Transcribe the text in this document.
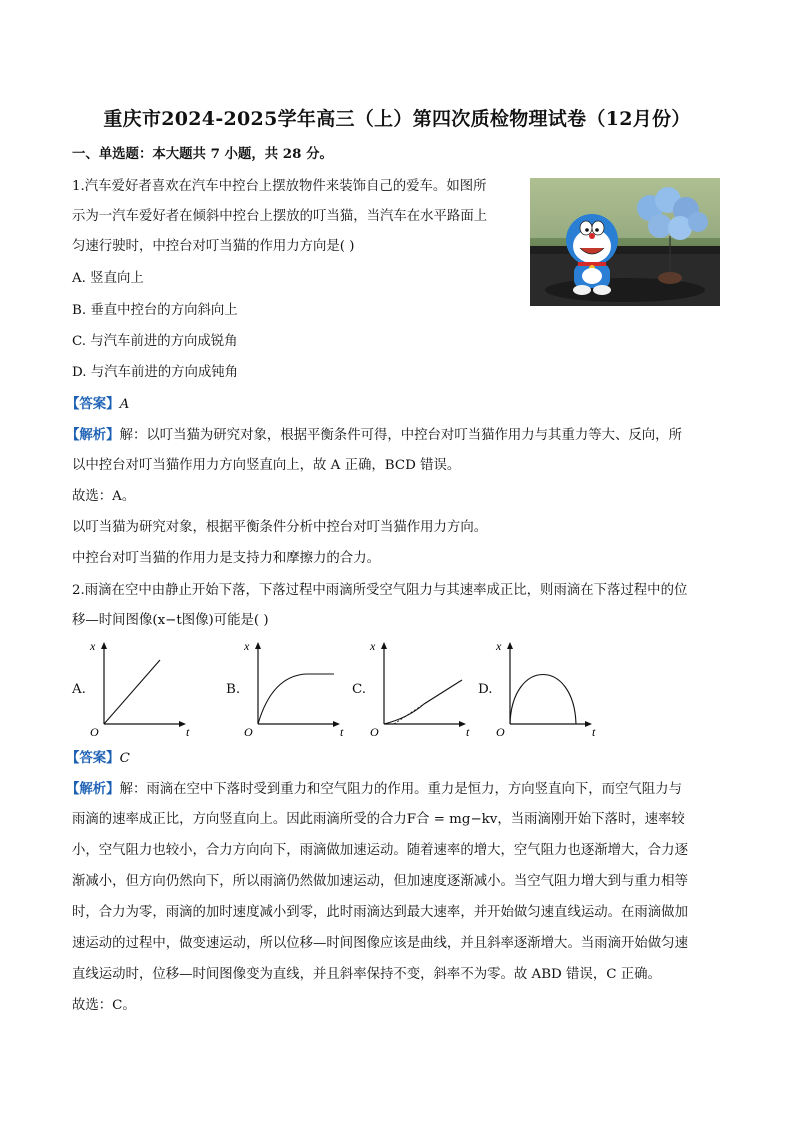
重庆市2024-2025学年高三（上）第四次质检物理试卷（12月份）
一、单选题：本大题共 7 小题，共 28 分。
1.汽车爱好者喜欢在汽车中控台上摆放物件来装饰自己的爱车。如图所
示为一汽车爱好者在倾斜中控台上摆放的叮当猫，当汽车在水平路面上
匀速行驶时，中控台对叮当猫的作用力方向是( )
A. 竖直向上
B. 垂直中控台的方向斜向上
C. 与汽车前进的方向成锐角
D. 与汽车前进的方向成钝角
【答案】A
【解析】解：以叮当猫为研究对象，根据平衡条件可得，中控台对叮当猫作用力与其重力等大、反向，所
以中控台对叮当猫作用力方向竖直向上，故 A 正确，BCD 错误。
故选：A。
以叮当猫为研究对象，根据平衡条件分析中控台对叮当猫作用力方向。
中控台对叮当猫的作用力是支持力和摩擦力的合力。
2.雨滴在空中由静止开始下落，下落过程中雨滴所受空气阻力与其速率成正比，则雨滴在下落过程中的位
移—时间图像(x−t图像)可能是( )
A.	B.	C.	D.
x
O	t
x
O	t
x
O	t
x
O	t
【答案】C
【解析】解：雨滴在空中下落时受到重力和空气阻力的作用。重力是恒力，方向竖直向下，而空气阻力与
雨滴的速率成正比，方向竖直向上。因此雨滴所受的合力F合 = mg−kv，当雨滴刚开始下落时，速率较
小，空气阻力也较小，合力方向向下，雨滴做加速运动。随着速率的增大，空气阻力也逐渐增大，合力逐
渐减小，但方向仍然向下，所以雨滴仍然做加速运动，但加速度逐渐减小。当空气阻力增大到与重力相等
时，合力为零，雨滴的加时速度减小到零，此时雨滴达到最大速率，并开始做匀速直线运动。在雨滴做加
速运动的过程中，做变速运动，所以位移—时间图像应该是曲线，并且斜率逐渐增大。当雨滴开始做匀速
直线运动时，位移—时间图像变为直线，并且斜率保持不变，斜率不为零。故 ABD 错误，C 正确。
故选：C。
